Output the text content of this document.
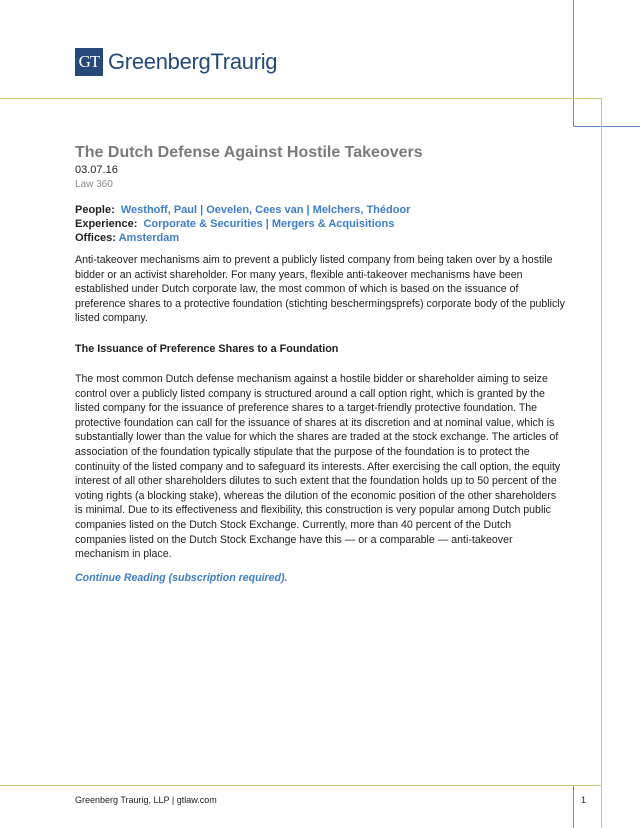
GT GreenbergTraurig
The Dutch Defense Against Hostile Takeovers
03.07.16
Law 360
People:  Westhoff, Paul | Oevelen, Cees van | Melchers, Thédoor
Experience:  Corporate & Securities | Mergers & Acquisitions
Offices: Amsterdam

Anti-takeover mechanisms aim to prevent a publicly listed company from being taken over by a hostile bidder or an activist shareholder. For many years, flexible anti-takeover mechanisms have been established under Dutch corporate law, the most common of which is based on the issuance of preference shares to a protective foundation (stichting beschermingsprefs) corporate body of the publicly listed company.

The Issuance of Preference Shares to a Foundation

The most common Dutch defense mechanism against a hostile bidder or shareholder aiming to seize control over a publicly listed company is structured around a call option right, which is granted by the listed company for the issuance of preference shares to a target-friendly protective foundation. The protective foundation can call for the issuance of shares at its discretion and at nominal value, which is substantially lower than the value for which the shares are traded at the stock exchange. The articles of association of the foundation typically stipulate that the purpose of the foundation is to protect the continuity of the listed company and to safeguard its interests. After exercising the call option, the equity interest of all other shareholders dilutes to such extent that the foundation holds up to 50 percent of the voting rights (a blocking stake), whereas the dilution of the economic position of the other shareholders is minimal. Due to its effectiveness and flexibility, this construction is very popular among Dutch public companies listed on the Dutch Stock Exchange. Currently, more than 40 percent of the Dutch companies listed on the Dutch Stock Exchange have this — or a comparable — anti-takeover mechanism in place.

Continue Reading (subscription required).
Greenberg Traurig, LLP | gtlaw.com	1
